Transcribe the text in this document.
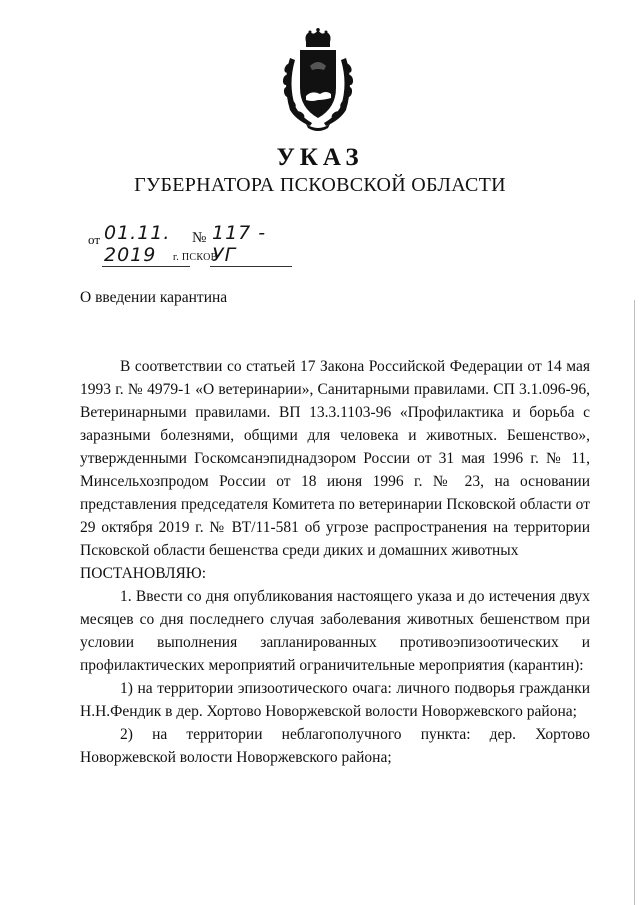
УКАЗ
ГУБЕРНАТОРА ПСКОВСКОЙ ОБЛАСТИ
от 01.11. 2019
№ 117 - УГ
г. ПСКОВ
О введении карантина

В соответствии со статьей 17 Закона Российской Федерации от 14 мая 1993 г. № 4979-1 «О ветеринарии», Санитарными правилами. СП 3.1.096-96, Ветеринарными правилами. ВП 13.3.1103-96 «Профилактика и борьба с заразными болезнями, общими для человека и животных. Бешенство», утвержденными Госкомсанэпиднадзором России от 31 мая 1996 г. № 11, Минсельхозпродом России от 18 июня 1996 г. № 23, на основании представления председателя Комитета по ветеринарии Псковской области от 29 октября 2019 г. № ВТ/11-581 об угрозе распространения на территории Псковской области бешенства среди диких и домашних животных

ПОСТАНОВЛЯЮ:

1. Ввести со дня опубликования настоящего указа и до истечения двух месяцев со дня последнего случая заболевания животных бешенством при условии выполнения запланированных противоэпизоотических и профилактических мероприятий ограничительные мероприятия (карантин):

1) на территории эпизоотического очага: личного подворья гражданки Н.Н.Фендик в дер. Хортово Новоржевской волости Новоржевского района;

2) на территории неблагополучного пункта: дер. Хортово Новоржевской волости Новоржевского района;
